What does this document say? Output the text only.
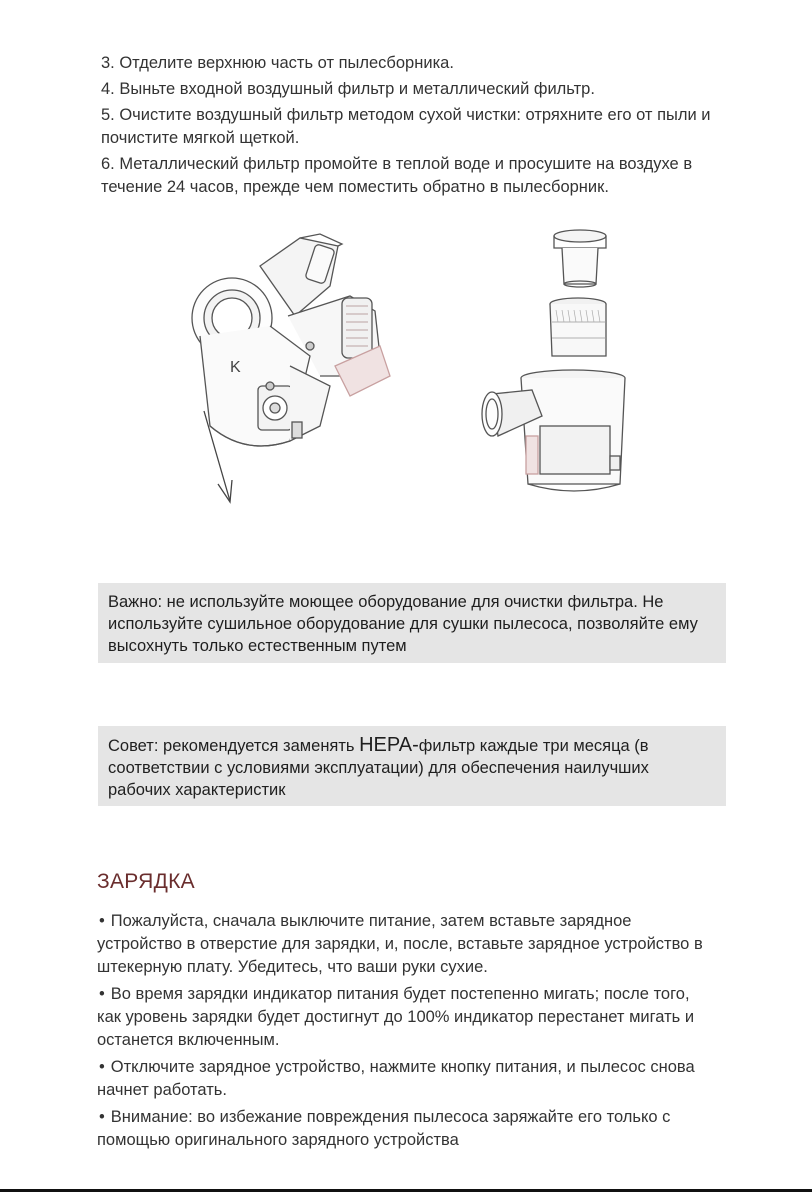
3. Отделите верхнюю часть от пылесборника.

4. Выньте входной воздушный фильтр и металлический фильтр.

5. Очистите воздушный фильтр методом сухой чистки: отряхните его от пыли и почистите мягкой щеткой.

6. Металлический фильтр промойте в теплой воде и просушите на воздухе в течение 24 часов, прежде чем поместить обратно в пылесборник.

K

Важно: не используйте моющее оборудование для очистки фильтра. Не используйте сушильное оборудование для сушки пылесоса, позволяйте ему высохнуть только естественным путем

Совет: рекомендуется заменять HEPA-фильтр каждые три месяца (в соответствии с условиями эксплуатации) для обеспечения наилучших рабочих характеристик

ЗАРЯДКА

• Пожалуйста, сначала выключите питание, затем вставьте зарядное устройство в отверстие для зарядки, и, после, вставьте зарядное устройство в штекерную плату. Убедитесь, что ваши руки сухие.

• Во время зарядки индикатор питания будет постепенно мигать; после того, как уровень зарядки будет достигнут до 100% индикатор перестанет мигать и останется включенным.

• Отключите зарядное устройство, нажмите кнопку питания, и пылесос снова начнет работать.

• Внимание: во избежание повреждения пылесоса заряжайте его только с помощью оригинального зарядного устройства
